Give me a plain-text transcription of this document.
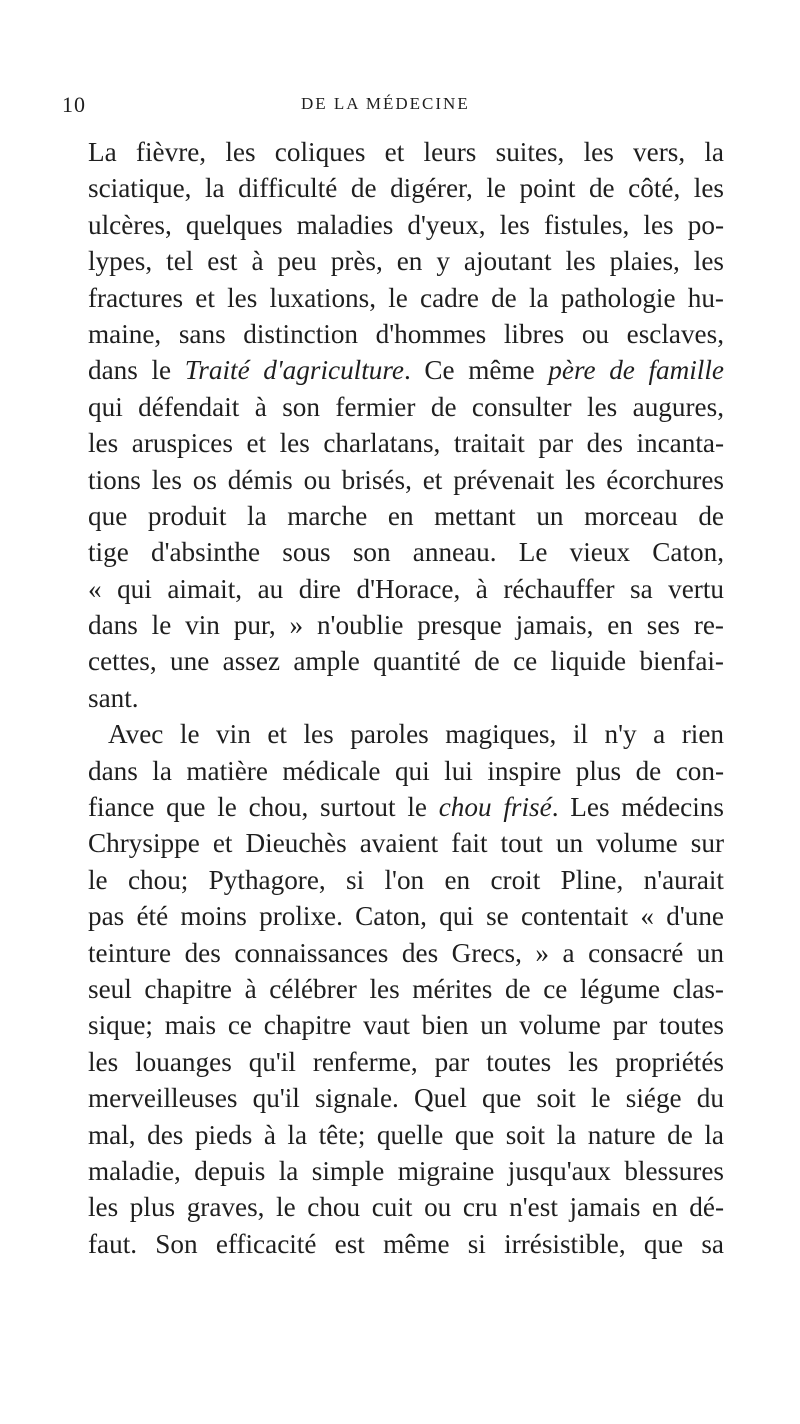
10	DE LA MÉDECINE
La fièvre, les coliques et leurs suites, les vers, la
sciatique, la difficulté de digérer, le point de côté, les
ulcères, quelques maladies d'yeux, les fistules, les po-
lypes, tel est à peu près, en y ajoutant les plaies, les
fractures et les luxations, le cadre de la pathologie hu-
maine, sans distinction d'hommes libres ou esclaves,
dans le Traité d'agriculture. Ce même père de famille
qui défendait à son fermier de consulter les augures,
les aruspices et les charlatans, traitait par des incanta-
tions les os démis ou brisés, et prévenait les écorchures
que produit la marche en mettant un morceau de
tige d'absinthe sous son anneau. Le vieux Caton,
« qui aimait, au dire d'Horace, à réchauffer sa vertu
dans le vin pur, » n'oublie presque jamais, en ses re-
cettes, une assez ample quantité de ce liquide bienfai-
sant.
Avec le vin et les paroles magiques, il n'y a rien
dans la matière médicale qui lui inspire plus de con-
fiance que le chou, surtout le chou frisé. Les médecins
Chrysippe et Dieuchès avaient fait tout un volume sur
le chou; Pythagore, si l'on en croit Pline, n'aurait
pas été moins prolixe. Caton, qui se contentait « d'une
teinture des connaissances des Grecs, » a consacré un
seul chapitre à célébrer les mérites de ce légume clas-
sique; mais ce chapitre vaut bien un volume par toutes
les louanges qu'il renferme, par toutes les propriétés
merveilleuses qu'il signale. Quel que soit le siége du
mal, des pieds à la tête; quelle que soit la nature de la
maladie, depuis la simple migraine jusqu'aux blessures
les plus graves, le chou cuit ou cru n'est jamais en dé-
faut. Son efficacité est même si irrésistible, que sa
